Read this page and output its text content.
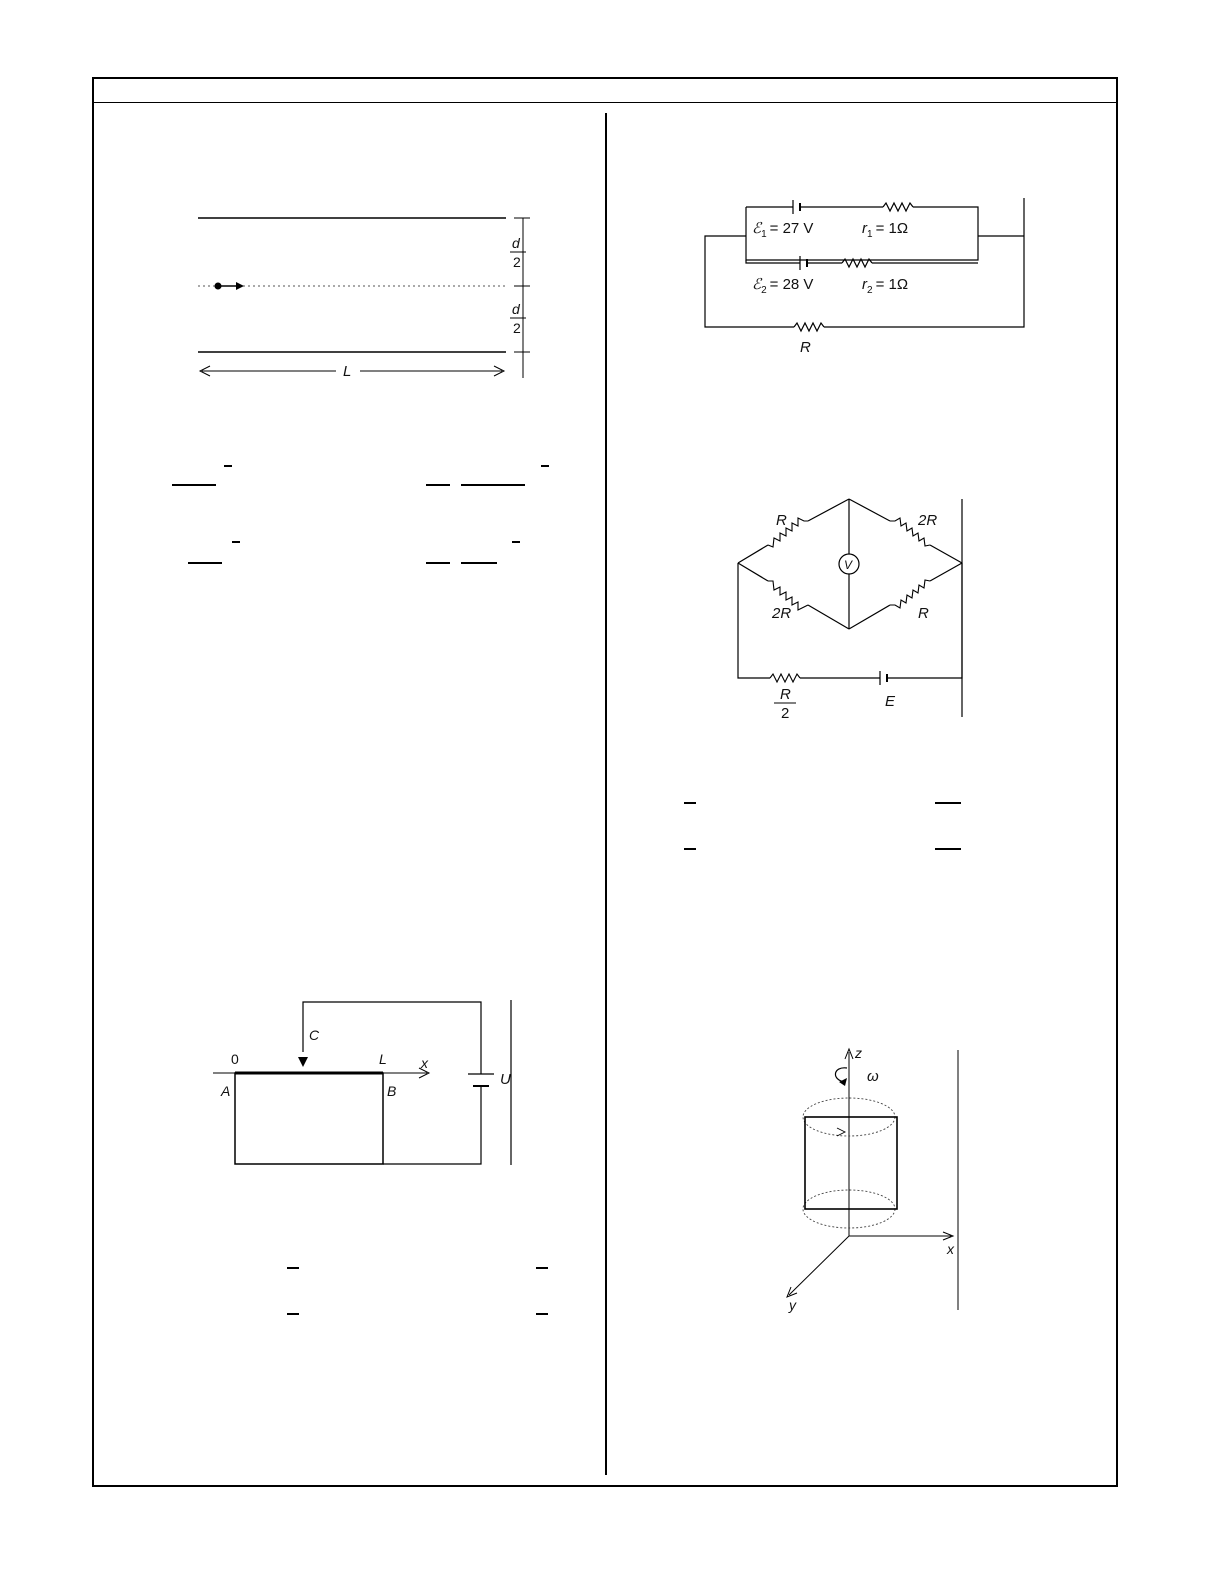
d
2
d
2
L
ℰ$_1$ = 27 V	$r_1 = 1\Omega$
ℰ$_2$ = 28 V	$r_2 = 1\Omega$
R
V
R	2R
2R	R
R
2
E
0	L x
C
A	B
U
z
ω
x
y
